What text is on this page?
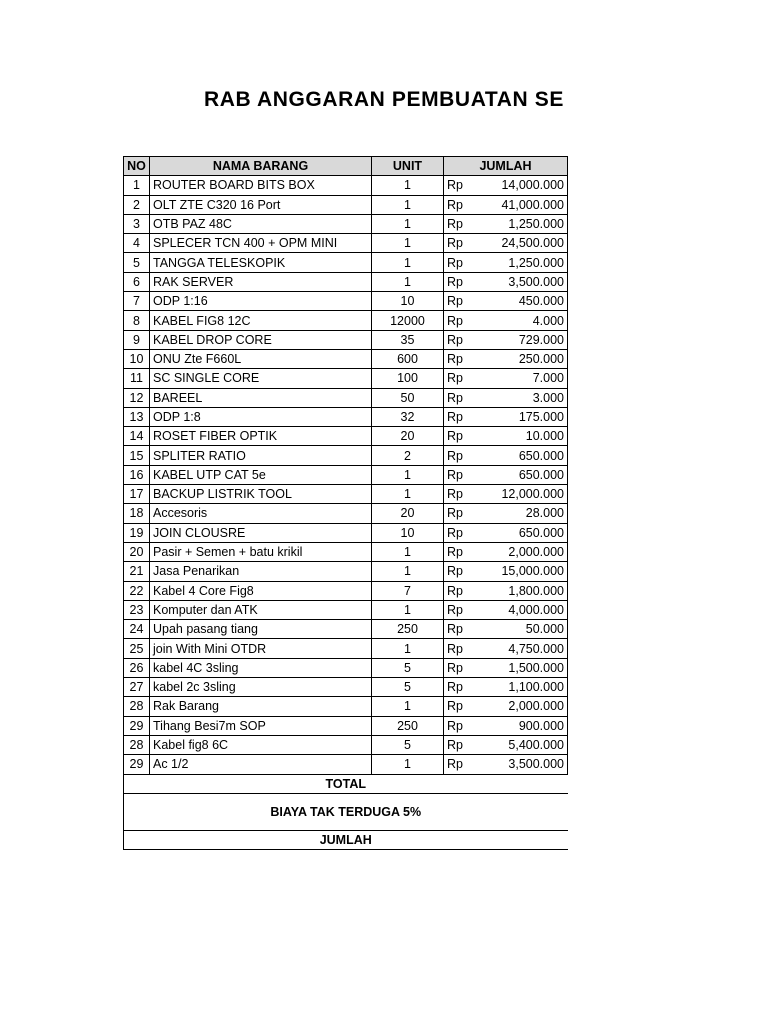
RAB ANGGARAN PEMBUATAN SE
NO	NAMA BARANG	UNIT	JUMLAH	
1	ROUTER BOARD BITS BOX	1	Rp	14,000.000
2	OLT ZTE C320 16 Port	1	Rp	41,000.000
3	OTB PAZ 48C	1	Rp	1,250.000
4	SPLECER TCN 400 + OPM MINI	1	Rp	24,500.000
5	TANGGA TELESKOPIK	1	Rp	1,250.000
6	RAK SERVER	1	Rp	3,500.000
7	ODP 1:16	10	Rp	450.000
8	KABEL FIG8 12C	12000	Rp	4.000
9	KABEL DROP CORE	35	Rp	729.000
10	ONU Zte F660L	600	Rp	250.000
11	SC SINGLE CORE	100	Rp	7.000
12	BAREEL	50	Rp	3.000
13	ODP 1:8	32	Rp	175.000
14	ROSET FIBER OPTIK	20	Rp	10.000
15	SPLITER RATIO	2	Rp	650.000
16	KABEL UTP CAT 5e	1	Rp	650.000
17	BACKUP LISTRIK TOOL	1	Rp	12,000.000
18	Accesoris	20	Rp	28.000
19	JOIN CLOUSRE	10	Rp	650.000
20	Pasir + Semen + batu krikil	1	Rp	2,000.000
21	Jasa Penarikan	1	Rp	15,000.000
22	Kabel 4 Core Fig8	7	Rp	1,800.000
23	Komputer dan ATK	1	Rp	4,000.000
24	Upah pasang tiang	250	Rp	50.000
25	join With Mini OTDR	1	Rp	4,750.000
26	kabel 4C 3sling	5	Rp	1,500.000
27	kabel 2c 3sling	5	Rp	1,100.000
28	Rak Barang	1	Rp	2,000.000
29	Tihang Besi7m SOP	250	Rp	900.000
28	Kabel fig8 6C	5	Rp	5,400.000
29	Ac 1/2	1	Rp	3,500.000
TOTAL				
BIAYA TAK TERDUGA 5%				
JUMLAH				
